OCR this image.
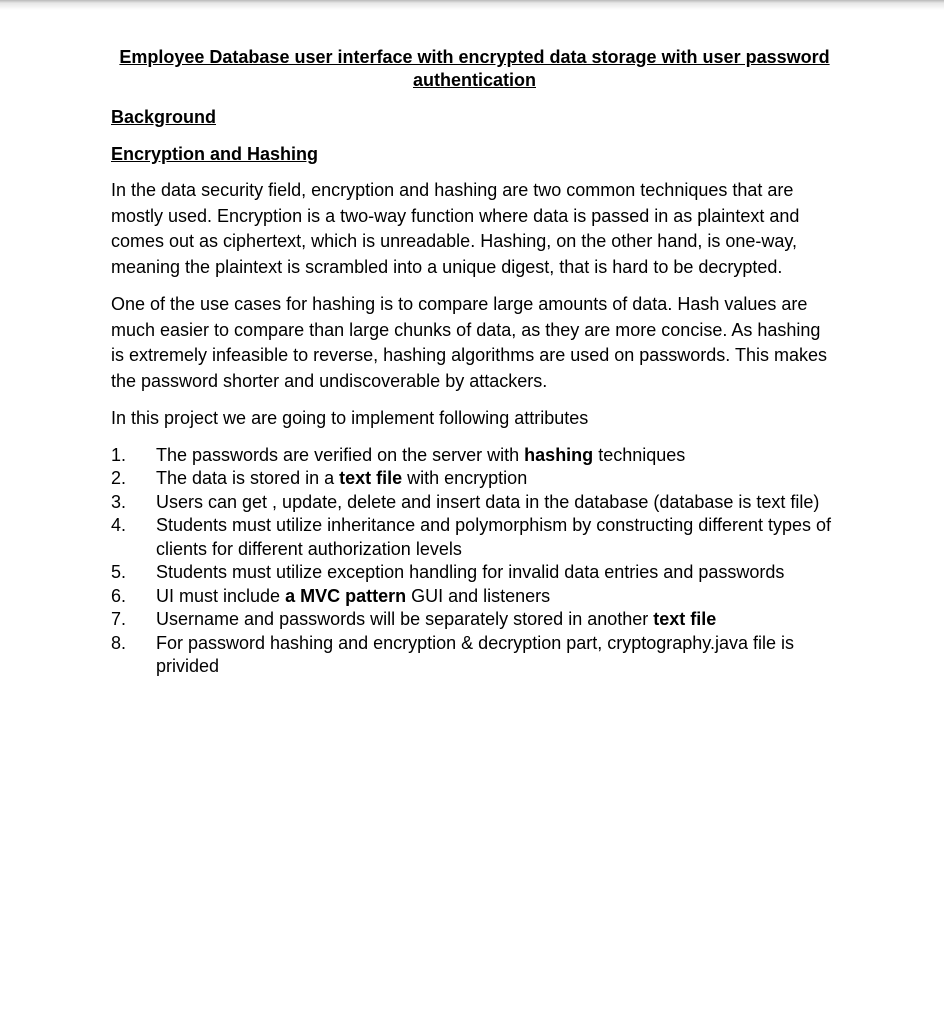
Employee Database user interface with encrypted data storage with user password authentication
Background
Encryption and Hashing

In the data security field, encryption and hashing are two common techniques that are mostly used. Encryption is a two-way function where data is passed in as plaintext and comes out as ciphertext, which is unreadable. Hashing, on the other hand, is one-way, meaning the plaintext is scrambled into a unique digest, that is hard to be decrypted.

One of the use cases for hashing is to compare large amounts of data. Hash values are much easier to compare than large chunks of data, as they are more concise. As hashing is extremely infeasible to reverse, hashing algorithms are used on passwords. This makes the password shorter and undiscoverable by attackers.

In this project we are going to implement following attributes

1.	The passwords are verified on the server with hashing techniques
2.	The data is stored in a text file with encryption
3.	Users can get , update, delete and insert data in the database (database is text file)
4.	Students must utilize inheritance and polymorphism by constructing different types of clients for different authorization levels
5.	Students must utilize exception handling for invalid data entries and passwords
6.	UI must include a MVC pattern GUI and listeners
7.	Username and passwords will be separately stored in another text file
8.	For password hashing and encryption & decryption part, cryptography.java file is privided
